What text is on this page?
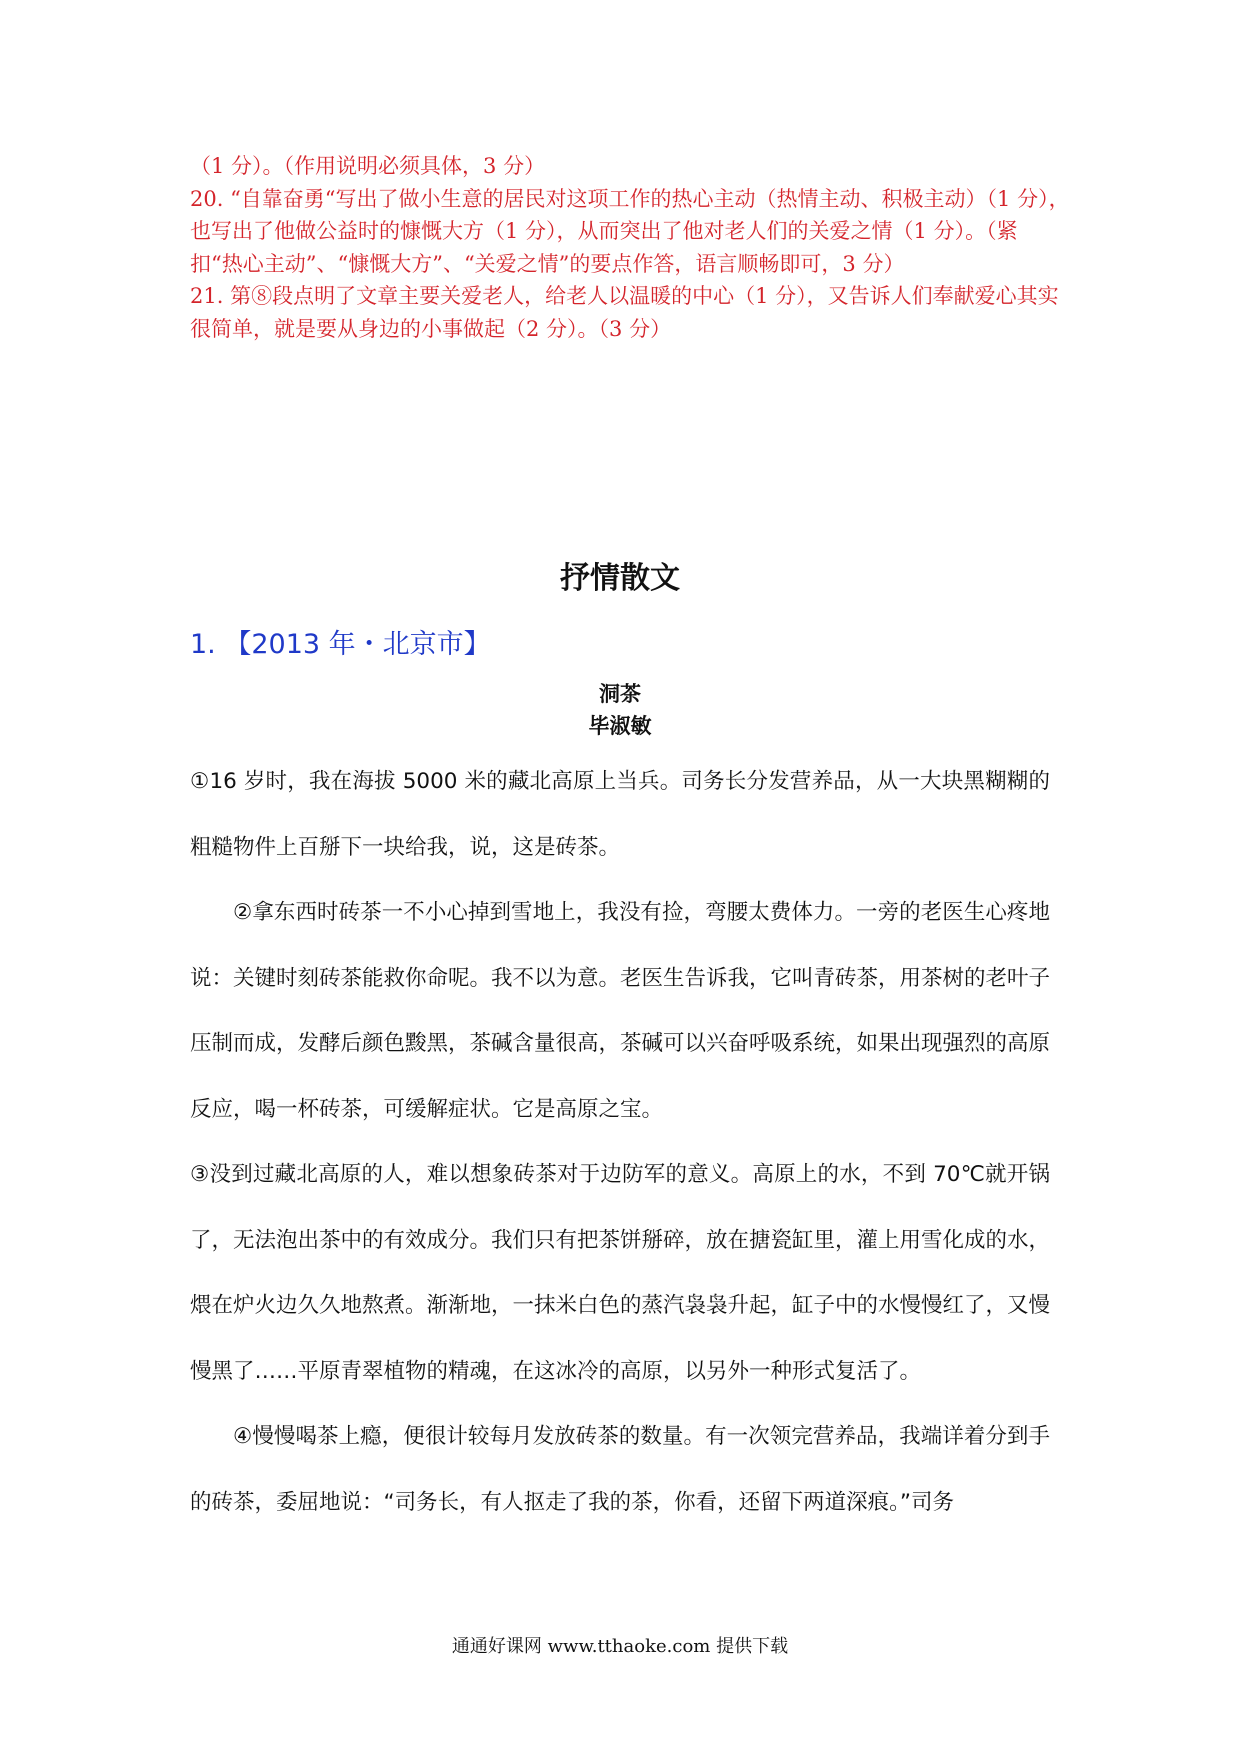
（1 分）。（作用说明必须具体，3 分）

20. “自靠奋勇“写出了做小生意的居民对这项工作的热心主动（热情主动、积极主动）（1 分），也写出了他做公益时的慷慨大方（1 分），从而突出了他对老人们的关爱之情（1 分）。（紧扣“热心主动”、“慷慨大方”、“关爱之情”的要点作答，语言顺畅即可，3 分）

21. 第⑧段点明了文章主要关爱老人，给老人以温暖的中心（1 分），又告诉人们奉献爱心其实很简单，就是要从身边的小事做起（2 分）。（3 分）

抒情散文
1. 【2013 年・北京市】
洞茶
毕淑敏

①16 岁时，我在海拔 5000 米的藏北高原上当兵。司务长分发营养品，从一大块黑糊糊的粗糙物件上百掰下一块给我，说，这是砖茶。

②拿东西时砖茶一不小心掉到雪地上，我没有捡，弯腰太费体力。一旁的老医生心疼地说：关键时刻砖茶能救你命呢。我不以为意。老医生告诉我，它叫青砖茶，用茶树的老叶子压制而成，发酵后颜色黢黑，茶碱含量很高，茶碱可以兴奋呼吸系统，如果出现强烈的高原反应，喝一杯砖茶，可缓解症状。它是高原之宝。

③没到过藏北高原的人，难以想象砖茶对于边防军的意义。高原上的水，不到 70℃就开锅了，无法泡出茶中的有效成分。我们只有把茶饼掰碎，放在搪瓷缸里，灌上用雪化成的水，煨在炉火边久久地熬煮。渐渐地，一抹米白色的蒸汽袅袅升起，缸子中的水慢慢红了，又慢慢黑了……平原青翠植物的精魂，在这冰冷的高原，以另外一种形式复活了。

④慢慢喝茶上瘾，便很计较每月发放砖茶的数量。有一次领完营养品，我端详着分到手的砖茶，委屈地说：“司务长，有人抠走了我的茶，你看，还留下两道深痕。”司务

通通好课网 www.tthaoke.com 提供下载
